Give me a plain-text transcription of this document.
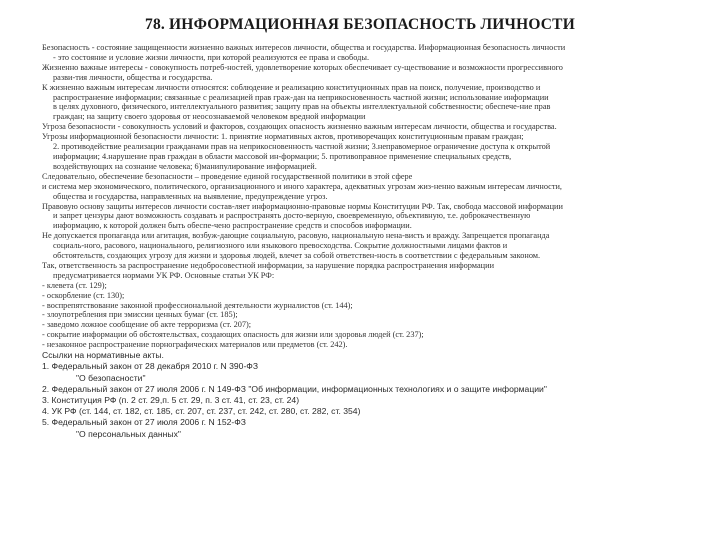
78. ИНФОРМАЦИОННАЯ БЕЗОПАСНОСТЬ ЛИЧНОСТИ

Безопасность - состояние защищенности жизненно важных интересов личности, общества и государства. Информационная безопасность личности

- это состояние и условие жизни личности, при которой реализуются ее права и свободы.

Жизненно важные интересы - совокупность потреб-ностей, удовлетворение которых обеспечивает су-ществование и возможности прогрессивного

разви-тия личности, общества и государства.

К жизненно важным интересам личности относятся: соблюдение и реализацию конституционных прав на поиск, получение, производство и

распространение информации; связанные с реализацией прав граж-дан на неприкосновенность частной жизни; использование информации

в целях духовного, физического, интеллектуального развития; защиту прав на объекты интеллектуальной собственности; обеспече-ние прав

граждан; на защиту своего здоровья от неосознаваемой человеком вредной информации

Угроза безопасности - совокупность условий и факторов, создающих опасность жизненно важным интересам личности, общества и государства.

Угрозы информационной безопасности личности: 1. принятие нормативных актов, противоречащих конституционным правам граждан;

2. противодействие реализации гражданами прав на неприкосновенность частной жизни; 3.неправомерное ограничение доступа к открытой

информации; 4.нарушение прав граждан в области массовой ин-формации; 5. противоправное применение специальных средств,

воздействующих на сознание человека; 6)манипулирование информацией.

Следовательно, обеспечение безопасности – проведение единой государственной политики в этой сфере

и система мер экономического, политического, организационного и иного характера, адекватных угрозам жиз-ненно важным интересам личности,

общества и государства, направленных на выявление, предупреждение угроз.

Правовую основу защиты интересов личности состав-ляет информационно-правовые нормы Конституции РФ. Так, свобода массовой информации

и запрет цензуры дают возможность создавать и распространять досто-верную, своевременную, объективную, т.е. доброкачественную

информацию, к которой должен быть обеспе-чено распространение средств и способов информации.

Не допускается пропаганда или агитация, возбуж-дающие социальную, расовую, национальную нена-висть и вражду. Запрещается пропаганда

социаль-ного, расового, национального, религиозного или языкового превосходства. Сокрытие должностными лицами фактов и

обстоятельств, создающих угрозу для жизни и здоровья людей, влечет за собой ответствен-ность в соответствии с федеральным законом.

Так, ответственность за распространение недобросовестной информации, за нарушение порядка распространения информации

предусматривается нормами УК РФ. Основные статьи УК РФ:

- клевета (ст. 129);

- оскорбление (ст. 130);

- воспрепятствование законной профессиональной деятельности журналистов (ст. 144);

- злоупотребления при эмиссии ценных бумаг (ст. 185);

- заведомо ложное сообщение об акте терроризма (ст. 207);

- сокрытие информации об обстоятельствах, создающих опасность для жизни или здоровья людей (ст. 237);

- незаконное распространение порнографических материалов или предметов (ст. 242).

Ссылки на нормативные акты.

1. Федеральный закон от 28 декабря 2010 г. N 390-ФЗ

"О безопасности"

2. Федеральный закон от 27 июля 2006 г. N 149-ФЗ "Об информации, информационных технологиях и о защите информации"

3. Конституция РФ (п. 2 ст. 29,п. 5 ст. 29, п. 3 ст. 41, ст. 23, ст. 24)

4. УК РФ (ст. 144, ст. 182, ст. 185, ст. 207, ст. 237, ст. 242, ст. 280, ст. 282, ст. 354)

5. Федеральный закон от 27 июля 2006 г. N 152-ФЗ

"О персональных данных"
